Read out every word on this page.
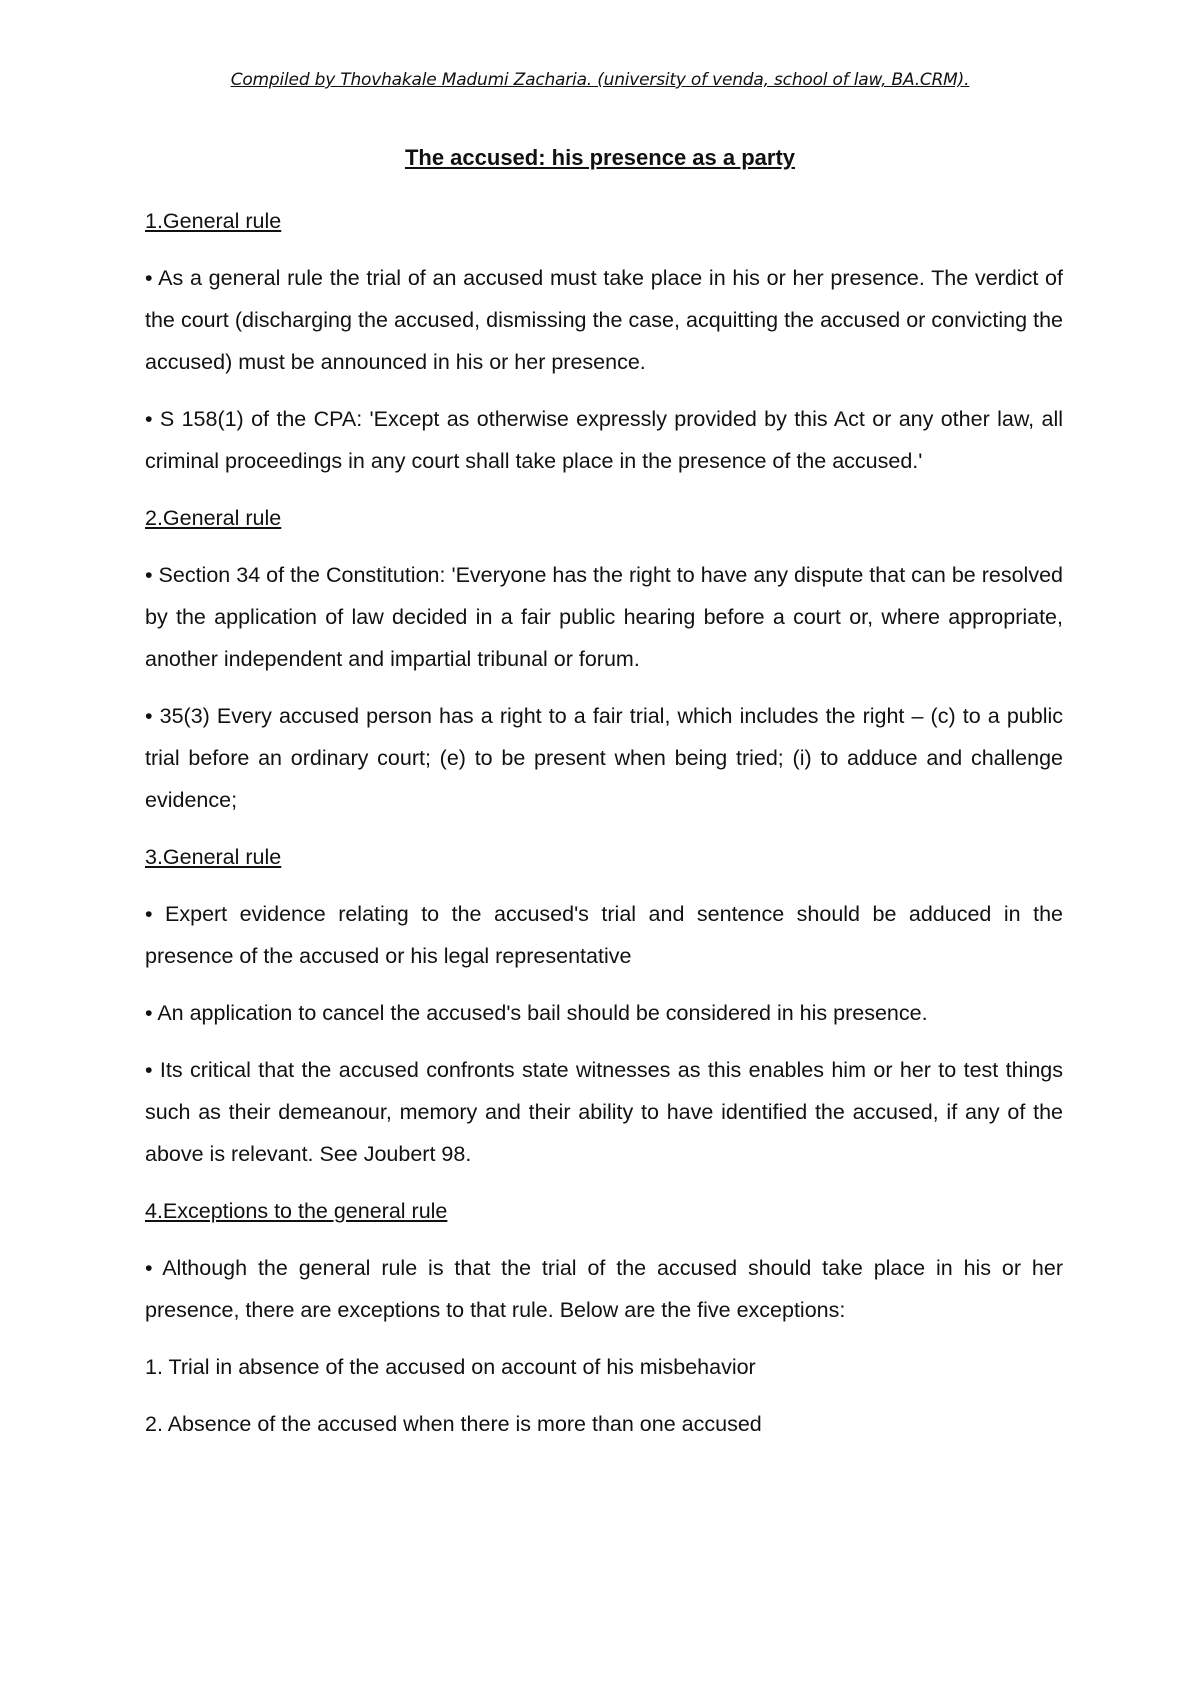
Compiled by Thovhakale Madumi Zacharia. (university of venda, school of law, BA.CRM).
The accused: his presence as a party
1.General rule

• As a general rule the trial of an accused must take place in his or her presence. The verdict of the court (discharging the accused, dismissing the case, acquitting the accused or convicting the accused) must be announced in his or her presence.

• S 158(1) of the CPA: 'Except as otherwise expressly provided by this Act or any other law, all criminal proceedings in any court shall take place in the presence of the accused.'

2.General rule

• Section 34 of the Constitution: 'Everyone has the right to have any dispute that can be resolved by the application of law decided in a fair public hearing before a court or, where appropriate, another independent and impartial tribunal or forum.

• 35(3) Every accused person has a right to a fair trial, which includes the right – (c) to a public trial before an ordinary court; (e) to be present when being tried; (i) to adduce and challenge evidence;

3.General rule

• Expert evidence relating to the accused's trial and sentence should be adduced in the presence of the accused or his legal representative

• An application to cancel the accused's bail should be considered in his presence.

• Its critical that the accused confronts state witnesses as this enables him or her to test things such as their demeanour, memory and their ability to have identified the accused, if any of the above is relevant. See Joubert 98.

4.Exceptions to the general rule

• Although the general rule is that the trial of the accused should take place in his or her presence, there are exceptions to that rule. Below are the five exceptions:

1. Trial in absence of the accused on account of his misbehavior
2. Absence of the accused when there is more than one accused
